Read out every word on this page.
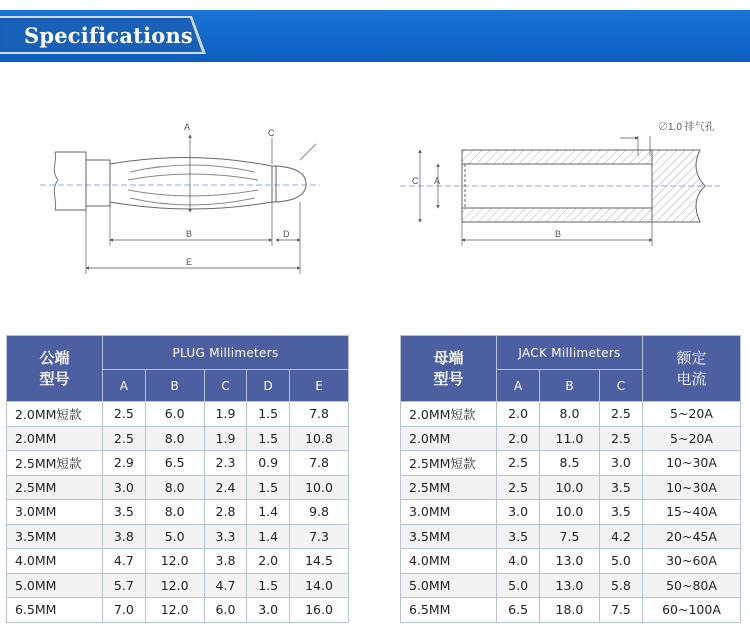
Specifications
A
C
B	D
E
A
C
B
∅1.0 排气孔
公端
型号	PLUG Millimeters				
	A	B	C	D	E
2.0MM短款	2.5	6.0	1.9	1.5	7.8
2.0MM	2.5	8.0	1.9	1.5	10.8
2.5MM短款	2.9	6.5	2.3	0.9	7.8
2.5MM	3.0	8.0	2.4	1.5	10.0
3.0MM	3.5	8.0	2.8	1.4	9.8
3.5MM	3.8	5.0	3.3	1.4	7.3
4.0MM	4.7	12.0	3.8	2.0	14.5
5.0MM	5.7	12.0	4.7	1.5	14.0
6.5MM	7.0	12.0	6.0	3.0	16.0
母端
型号	JACK Millimeters			额定
电流
	A	B	C	
2.0MM短款	2.0	8.0	2.5	5~20A
2.0MM	2.0	11.0	2.5	5~20A
2.5MM短款	2.5	8.5	3.0	10~30A
2.5MM	2.5	10.0	3.5	10~30A
3.0MM	3.0	10.0	3.5	15~40A
3.5MM	3.5	7.5	4.2	20~45A
4.0MM	4.0	13.0	5.0	30~60A
5.0MM	5.0	13.0	5.8	50~80A
6.5MM	6.5	18.0	7.5	60~100A
